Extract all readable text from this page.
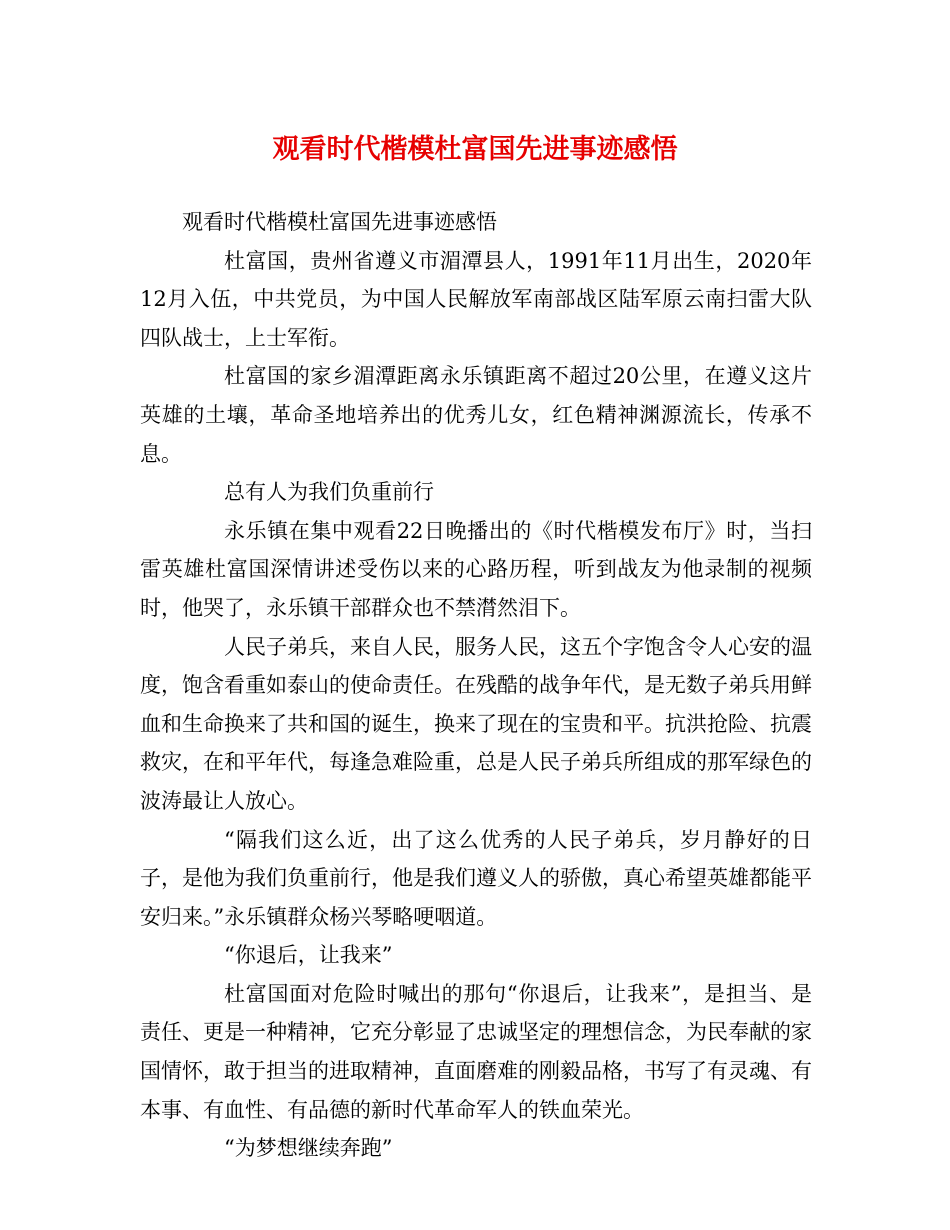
观看时代楷模杜富国先进事迹感悟

观看时代楷模杜富国先进事迹感悟

杜富国，贵州省遵义市湄潭县人，1991年11月出生，2020年12月入伍，中共党员，为中国人民解放军南部战区陆军原云南扫雷大队四队战士，上士军衔。

杜富国的家乡湄潭距离永乐镇距离不超过20公里，在遵义这片英雄的土壤，革命圣地培养出的优秀儿女，红色精神渊源流长，传承不息。

总有人为我们负重前行

永乐镇在集中观看22日晚播出的《时代楷模发布厅》时，当扫雷英雄杜富国深情讲述受伤以来的心路历程，听到战友为他录制的视频时，他哭了，永乐镇干部群众也不禁潸然泪下。

人民子弟兵，来自人民，服务人民，这五个字饱含令人心安的温度，饱含看重如泰山的使命责任。在残酷的战争年代，是无数子弟兵用鲜血和生命换来了共和国的诞生，换来了现在的宝贵和平。抗洪抢险、抗震救灾，在和平年代，每逢急难险重，总是人民子弟兵所组成的那军绿色的波涛最让人放心。

“隔我们这么近，出了这么优秀的人民子弟兵，岁月静好的日子，是他为我们负重前行，他是我们遵义人的骄傲，真心希望英雄都能平安归来。”永乐镇群众杨兴琴略哽咽道。

“你退后，让我来”

杜富国面对危险时喊出的那句“你退后，让我来”，是担当、是责任、更是一种精神，它充分彰显了忠诚坚定的理想信念，为民奉献的家国情怀，敢于担当的进取精神，直面磨难的刚毅品格，书写了有灵魂、有本事、有血性、有品德的新时代革命军人的铁血荣光。

“为梦想继续奔跑”
